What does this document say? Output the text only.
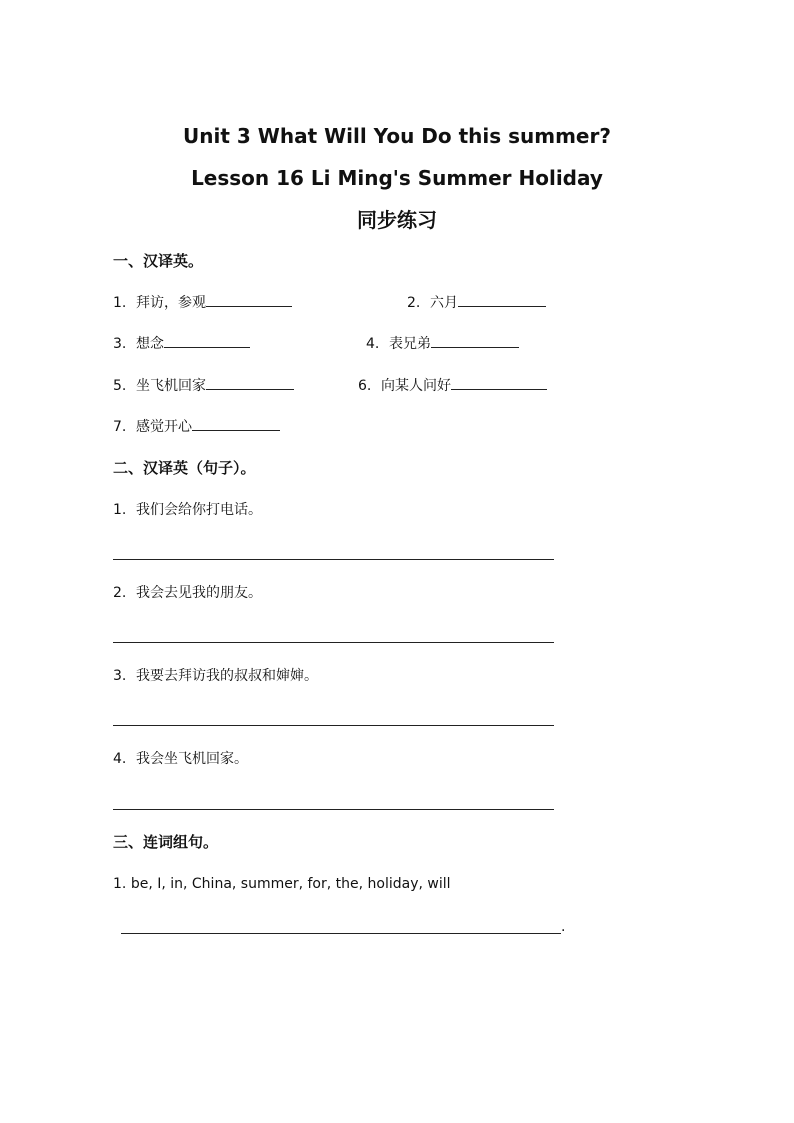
Unit 3 What Will You Do this summer?
Lesson 16 Li Ming's Summer Holiday
同步练习
一、汉译英。
1. 拜访，参观	2. 六月
3. 想念	4. 表兄弟
5. 坐飞机回家	6. 向某人问好
7. 感觉开心
二、汉译英（句子）。
1. 我们会给你打电话。
2. 我会去见我的朋友。
3. 我要去拜访我的叔叔和婶婶。
4. 我会坐飞机回家。
三、连词组句。
1. be, I, in, China, summer, for, the, holiday, will
.
